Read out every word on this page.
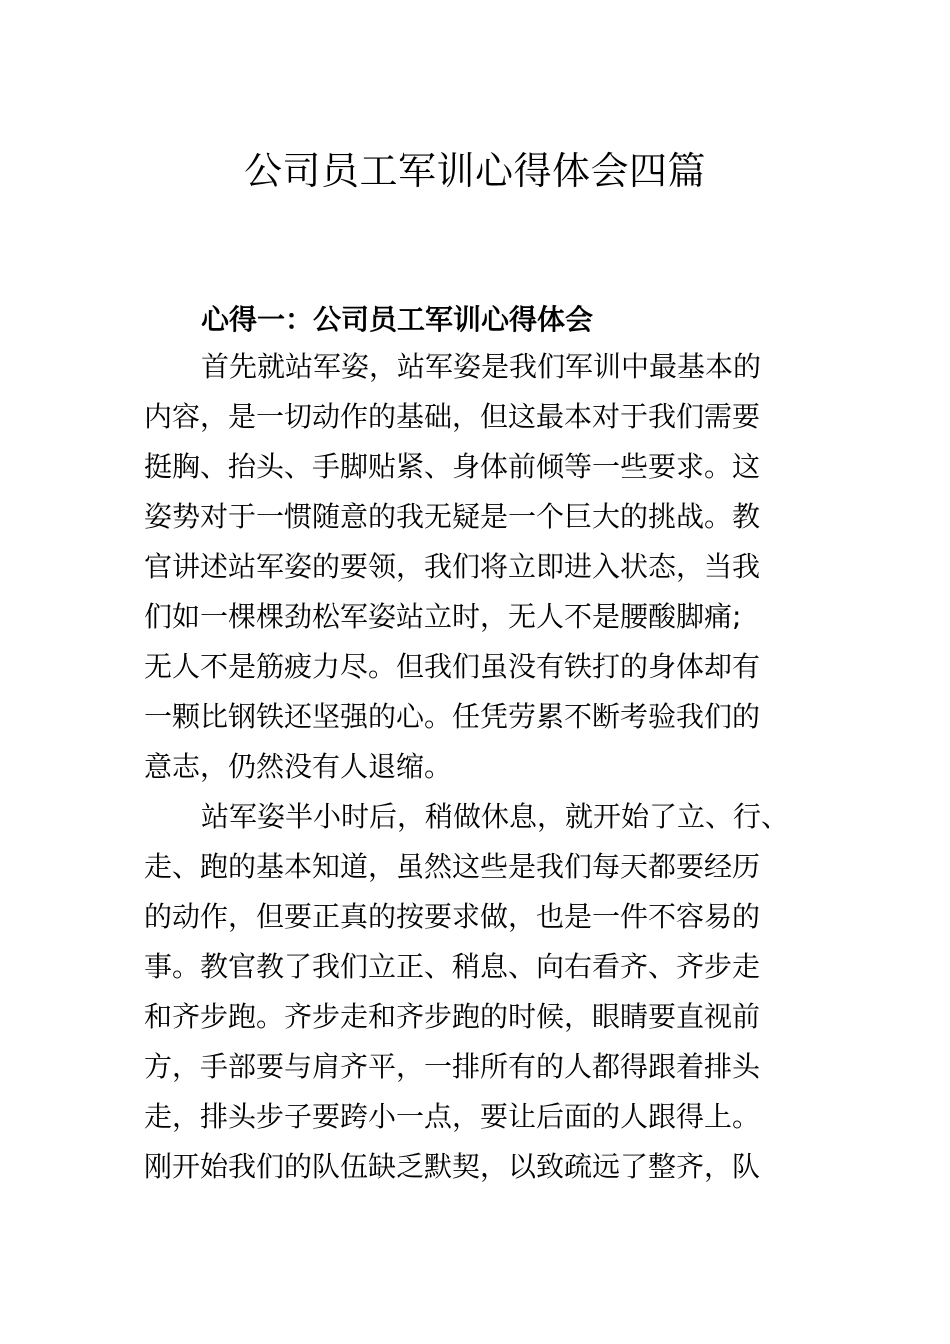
公司员工军训心得体会四篇
心得一：公司员工军训心得体会

首先就站军姿，站军姿是我们军训中最基本的

内容，是一切动作的基础，但这最本对于我们需要

挺胸、抬头、手脚贴紧、身体前倾等一些要求。这

姿势对于一惯随意的我无疑是一个巨大的挑战。教

官讲述站军姿的要领，我们将立即进入状态，当我

们如一棵棵劲松军姿站立时，无人不是腰酸脚痛;

无人不是筋疲力尽。但我们虽没有铁打的身体却有

一颗比钢铁还坚强的心。任凭劳累不断考验我们的

意志，仍然没有人退缩。

站军姿半小时后，稍做休息，就开始了立、行、

走、跑的基本知道，虽然这些是我们每天都要经历

的动作，但要正真的按要求做，也是一件不容易的

事。教官教了我们立正、稍息、向右看齐、齐步走

和齐步跑。齐步走和齐步跑的时候，眼睛要直视前

方，手部要与肩齐平，一排所有的人都得跟着排头

走，排头步子要跨小一点，要让后面的人跟得上。

刚开始我们的队伍缺乏默契，以致疏远了整齐，队
